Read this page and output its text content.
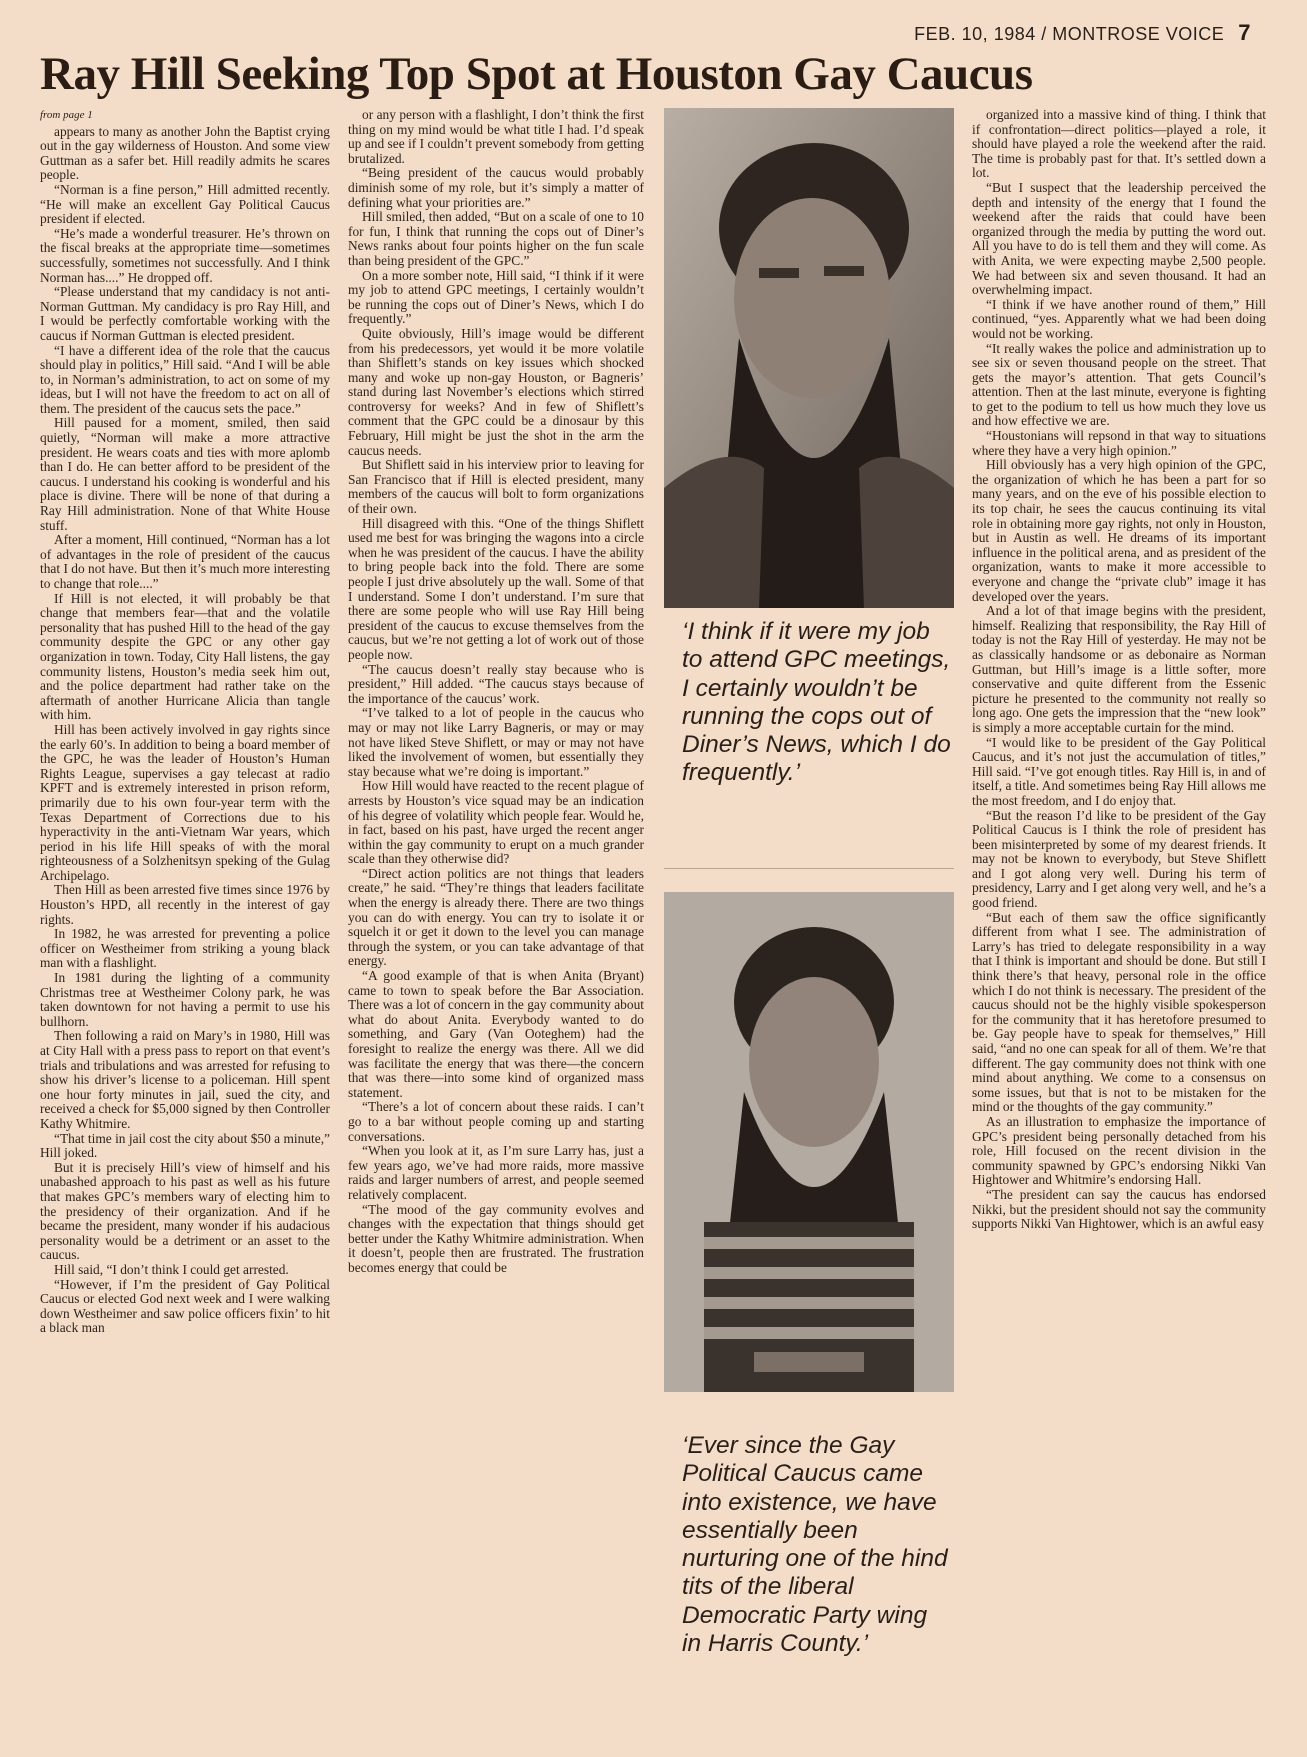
FEB. 10, 1984 / MONTROSE VOICE 7
Ray Hill Seeking Top Spot at Houston Gay Caucus

from page 1

appears to many as another John the Baptist crying out in the gay wilderness of Houston. And some view Guttman as a safer bet. Hill readily admits he scares people.

“Norman is a fine person,” Hill admitted recently. “He will make an excellent Gay Political Caucus president if elected.

“He’s made a wonderful treasurer. He’s thrown on the fiscal breaks at the appropriate time—sometimes successfully, sometimes not successfully. And I think Norman has....” He dropped off.

“Please understand that my candidacy is not anti-Norman Guttman. My candidacy is pro Ray Hill, and I would be perfectly comfortable working with the caucus if Norman Guttman is elected president.

“I have a different idea of the role that the caucus should play in politics,” Hill said. “And I will be able to, in Norman’s administration, to act on some of my ideas, but I will not have the freedom to act on all of them. The president of the caucus sets the pace.”

Hill paused for a moment, smiled, then said quietly, “Norman will make a more attractive president. He wears coats and ties with more aplomb than I do. He can better afford to be president of the caucus. I understand his cooking is wonderful and his place is divine. There will be none of that during a Ray Hill administration. None of that White House stuff.

After a moment, Hill continued, “Norman has a lot of advantages in the role of president of the caucus that I do not have. But then it’s much more interesting to change that role....”

If Hill is not elected, it will probably be that change that members fear—that and the volatile personality that has pushed Hill to the head of the gay community despite the GPC or any other gay organization in town. Today, City Hall listens, the gay community listens, Houston’s media seek him out, and the police department had rather take on the aftermath of another Hurricane Alicia than tangle with him.

Hill has been actively involved in gay rights since the early 60’s. In addition to being a board member of the GPC, he was the leader of Houston’s Human Rights League, supervises a gay telecast at radio KPFT and is extremely interested in prison reform, primarily due to his own four-year term with the Texas Department of Corrections due to his hyperactivity in the anti-Vietnam War years, which period in his life Hill speaks of with the moral righteousness of a Solzhenitsyn speking of the Gulag Archipelago.

Then Hill as been arrested five times since 1976 by Houston’s HPD, all recently in the interest of gay rights.

In 1982, he was arrested for preventing a police officer on Westheimer from striking a young black man with a flashlight.

In 1981 during the lighting of a community Christmas tree at Westheimer Colony park, he was taken downtown for not having a permit to use his bullhorn.

Then following a raid on Mary’s in 1980, Hill was at City Hall with a press pass to report on that event’s trials and tribulations and was arrested for refusing to show his driver’s license to a policeman. Hill spent one hour forty minutes in jail, sued the city, and received a check for $5,000 signed by then Controller Kathy Whitmire.

“That time in jail cost the city about $50 a minute,” Hill joked.

But it is precisely Hill’s view of himself and his unabashed approach to his past as well as his future that makes GPC’s members wary of electing him to the presidency of their organization. And if he became the president, many wonder if his audacious personality would be a detriment or an asset to the caucus.

Hill said, “I don’t think I could get arrested.

“However, if I’m the president of Gay Political Caucus or elected God next week and I were walking down Westheimer and saw police officers fixin’ to hit a black man

or any person with a flashlight, I don’t think the first thing on my mind would be what title I had. I’d speak up and see if I couldn’t prevent somebody from getting brutalized.

“Being president of the caucus would probably diminish some of my role, but it’s simply a matter of defining what your priorities are.”

Hill smiled, then added, “But on a scale of one to 10 for fun, I think that running the cops out of Diner’s News ranks about four points higher on the fun scale than being president of the GPC.”

On a more somber note, Hill said, “I think if it were my job to attend GPC meetings, I certainly wouldn’t be running the cops out of Diner’s News, which I do frequently.”

Quite obviously, Hill’s image would be different from his predecessors, yet would it be more volatile than Shiflett’s stands on key issues which shocked many and woke up non-gay Houston, or Bagneris’ stand during last November’s elections which stirred controversy for weeks? And in few of Shiflett’s comment that the GPC could be a dinosaur by this February, Hill might be just the shot in the arm the caucus needs.

But Shiflett said in his interview prior to leaving for San Francisco that if Hill is elected president, many members of the caucus will bolt to form organizations of their own.

Hill disagreed with this. “One of the things Shiflett used me best for was bringing the wagons into a circle when he was president of the caucus. I have the ability to bring people back into the fold. There are some people I just drive absolutely up the wall. Some of that I understand. Some I don’t understand. I’m sure that there are some people who will use Ray Hill being president of the caucus to excuse themselves from the caucus, but we’re not getting a lot of work out of those people now.

“The caucus doesn’t really stay because who is president,” Hill added. “The caucus stays because of the importance of the caucus’ work.

“I’ve talked to a lot of people in the caucus who may or may not like Larry Bagneris, or may or may not have liked Steve Shiflett, or may or may not have liked the involvement of women, but essentially they stay because what we’re doing is important.”

How Hill would have reacted to the recent plague of arrests by Houston’s vice squad may be an indication of his degree of volatility which people fear. Would he, in fact, based on his past, have urged the recent anger within the gay community to erupt on a much grander scale than they otherwise did?

“Direct action politics are not things that leaders create,” he said. “They’re things that leaders facilitate when the energy is already there. There are two things you can do with energy. You can try to isolate it or squelch it or get it down to the level you can manage through the system, or you can take advantage of that energy.

“A good example of that is when Anita (Bryant) came to town to speak before the Bar Association. There was a lot of concern in the gay community about what do about Anita. Everybody wanted to do something, and Gary (Van Ooteghem) had the foresight to realize the energy was there. All we did was facilitate the energy that was there—the concern that was there—into some kind of organized mass statement.

“There’s a lot of concern about these raids. I can’t go to a bar without people coming up and starting conversations.

“When you look at it, as I’m sure Larry has, just a few years ago, we’ve had more raids, more massive raids and larger numbers of arrest, and people seemed relatively complacent.

“The mood of the gay community evolves and changes with the expectation that things should get better under the Kathy Whitmire administration. When it doesn’t, people then are frustrated. The frustration becomes energy that could be

‘I think if it were my job to attend GPC meetings, I certainly wouldn’t be running the cops out of Diner’s News, which I do frequently.’

‘Ever since the Gay Political Caucus came into existence, we have essentially been nurturing one of the hind tits of the liberal Democratic Party wing in Harris County.’

organized into a massive kind of thing. I think that if confrontation—direct politics—played a role, it should have played a role the weekend after the raid. The time is probably past for that. It’s settled down a lot.

“But I suspect that the leadership perceived the depth and intensity of the energy that I found the weekend after the raids that could have been organized through the media by putting the word out. All you have to do is tell them and they will come. As with Anita, we were expecting maybe 2,500 people. We had between six and seven thousand. It had an overwhelming impact.

“I think if we have another round of them,” Hill continued, “yes. Apparently what we had been doing would not be working.

“It really wakes the police and administration up to see six or seven thousand people on the street. That gets the mayor’s attention. That gets Council’s attention. Then at the last minute, everyone is fighting to get to the podium to tell us how much they love us and how effective we are.

“Houstonians will repsond in that way to situations where they have a very high opinion.”

Hill obviously has a very high opinion of the GPC, the organization of which he has been a part for so many years, and on the eve of his possible election to its top chair, he sees the caucus continuing its vital role in obtaining more gay rights, not only in Houston, but in Austin as well. He dreams of its important influence in the political arena, and as president of the organization, wants to make it more accessible to everyone and change the “private club” image it has developed over the years.

And a lot of that image begins with the president, himself. Realizing that responsibility, the Ray Hill of today is not the Ray Hill of yesterday. He may not be as classically handsome or as debonaire as Norman Guttman, but Hill’s image is a little softer, more conservative and quite different from the Essenic picture he presented to the community not really so long ago. One gets the impression that the “new look” is simply a more acceptable curtain for the mind.

“I would like to be president of the Gay Political Caucus, and it’s not just the accumulation of titles,” Hill said. “I’ve got enough titles. Ray Hill is, in and of itself, a title. And sometimes being Ray Hill allows me the most freedom, and I do enjoy that.

“But the reason I’d like to be president of the Gay Political Caucus is I think the role of president has been misinterpreted by some of my dearest friends. It may not be known to everybody, but Steve Shiflett and I got along very well. During his term of presidency, Larry and I get along very well, and he’s a good friend.

“But each of them saw the office significantly different from what I see. The administration of Larry’s has tried to delegate responsibility in a way that I think is important and should be done. But still I think there’s that heavy, personal role in the office which I do not think is necessary. The president of the caucus should not be the highly visible spokesperson for the community that it has heretofore presumed to be. Gay people have to speak for themselves,” Hill said, “and no one can speak for all of them. We’re that different. The gay community does not think with one mind about anything. We come to a consensus on some issues, but that is not to be mistaken for the mind or the thoughts of the gay community.”

As an illustration to emphasize the importance of GPC’s president being personally detached from his role, Hill focused on the recent division in the community spawned by GPC’s endorsing Nikki Van Hightower and Whitmire’s endorsing Hall.

“The president can say the caucus has endorsed Nikki, but the president should not say the community supports Nikki Van Hightower, which is an awful easy
